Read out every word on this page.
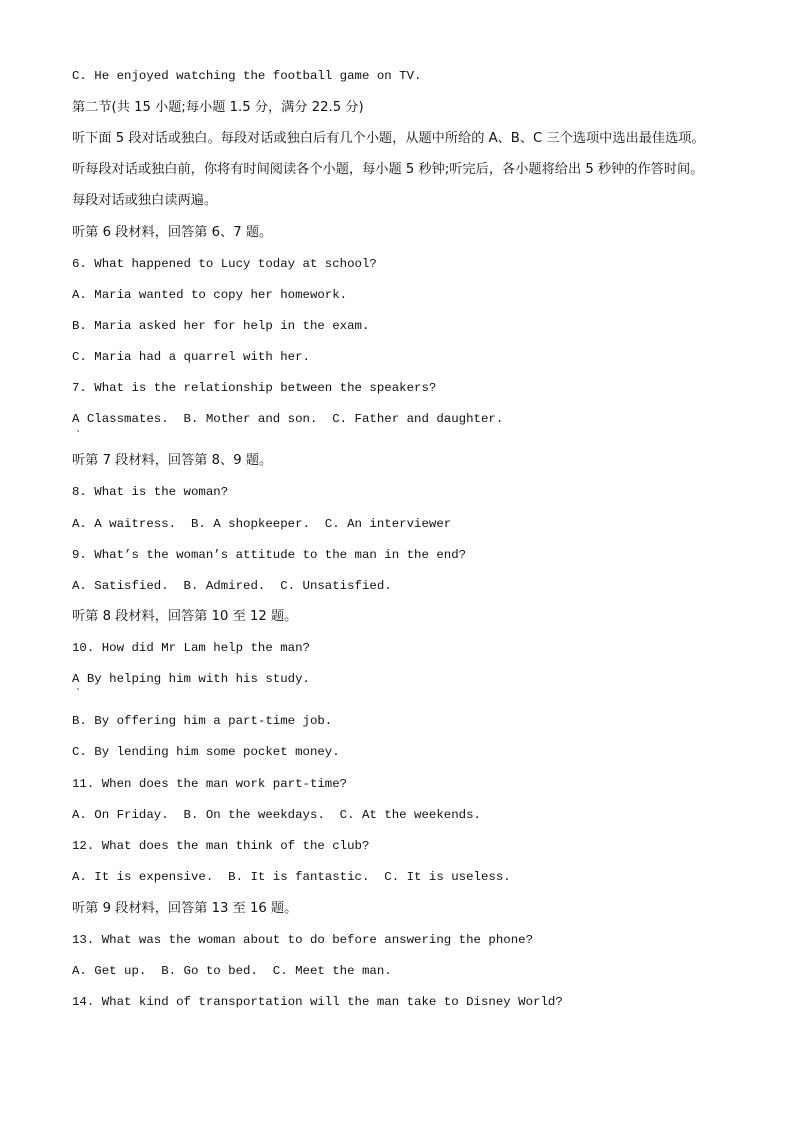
C. He enjoyed watching the football game on TV.
第二节(共 15 小题;每小题 1.5 分，满分 22.5 分)
听下面 5 段对话或独白。每段对话或独白后有几个小题，从题中所给的 A、B、C 三个选项中选出最佳选项。
听每段对话或独白前，你将有时间阅读各个小题，每小题 5 秒钟;听完后，各小题将给出 5 秒钟的作答时间。
每段对话或独白读两遍。
听第 6 段材料，回答第 6、7 题。
6. What happened to Lucy today at school?
A. Maria wanted to copy her homework.
B. Maria asked her for help in the exam.
C. Maria had a quarrel with her.
7. What is the relationship between the speakers?
A Classmates.  B. Mother and son.  C. Father and daughter.
`
听第 7 段材料，回答第 8、9 题。
8. What is the woman?
A. A waitress.  B. A shopkeeper.  C. An interviewer
9. What’s the woman’s attitude to the man in the end?
A. Satisfied.  B. Admired.  C. Unsatisfied.
听第 8 段材料，回答第 10 至 12 题。
10. How did Mr Lam help the man?
A By helping him with his study.
`
B. By offering him a part-time job.
C. By lending him some pocket money.
11. When does the man work part-time?
A. On Friday.  B. On the weekdays.  C. At the weekends.
12. What does the man think of the club?
A. It is expensive.  B. It is fantastic.  C. It is useless.
听第 9 段材料，回答第 13 至 16 题。
13. What was the woman about to do before answering the phone?
A. Get up.  B. Go to bed.  C. Meet the man.
14. What kind of transportation will the man take to Disney World?
